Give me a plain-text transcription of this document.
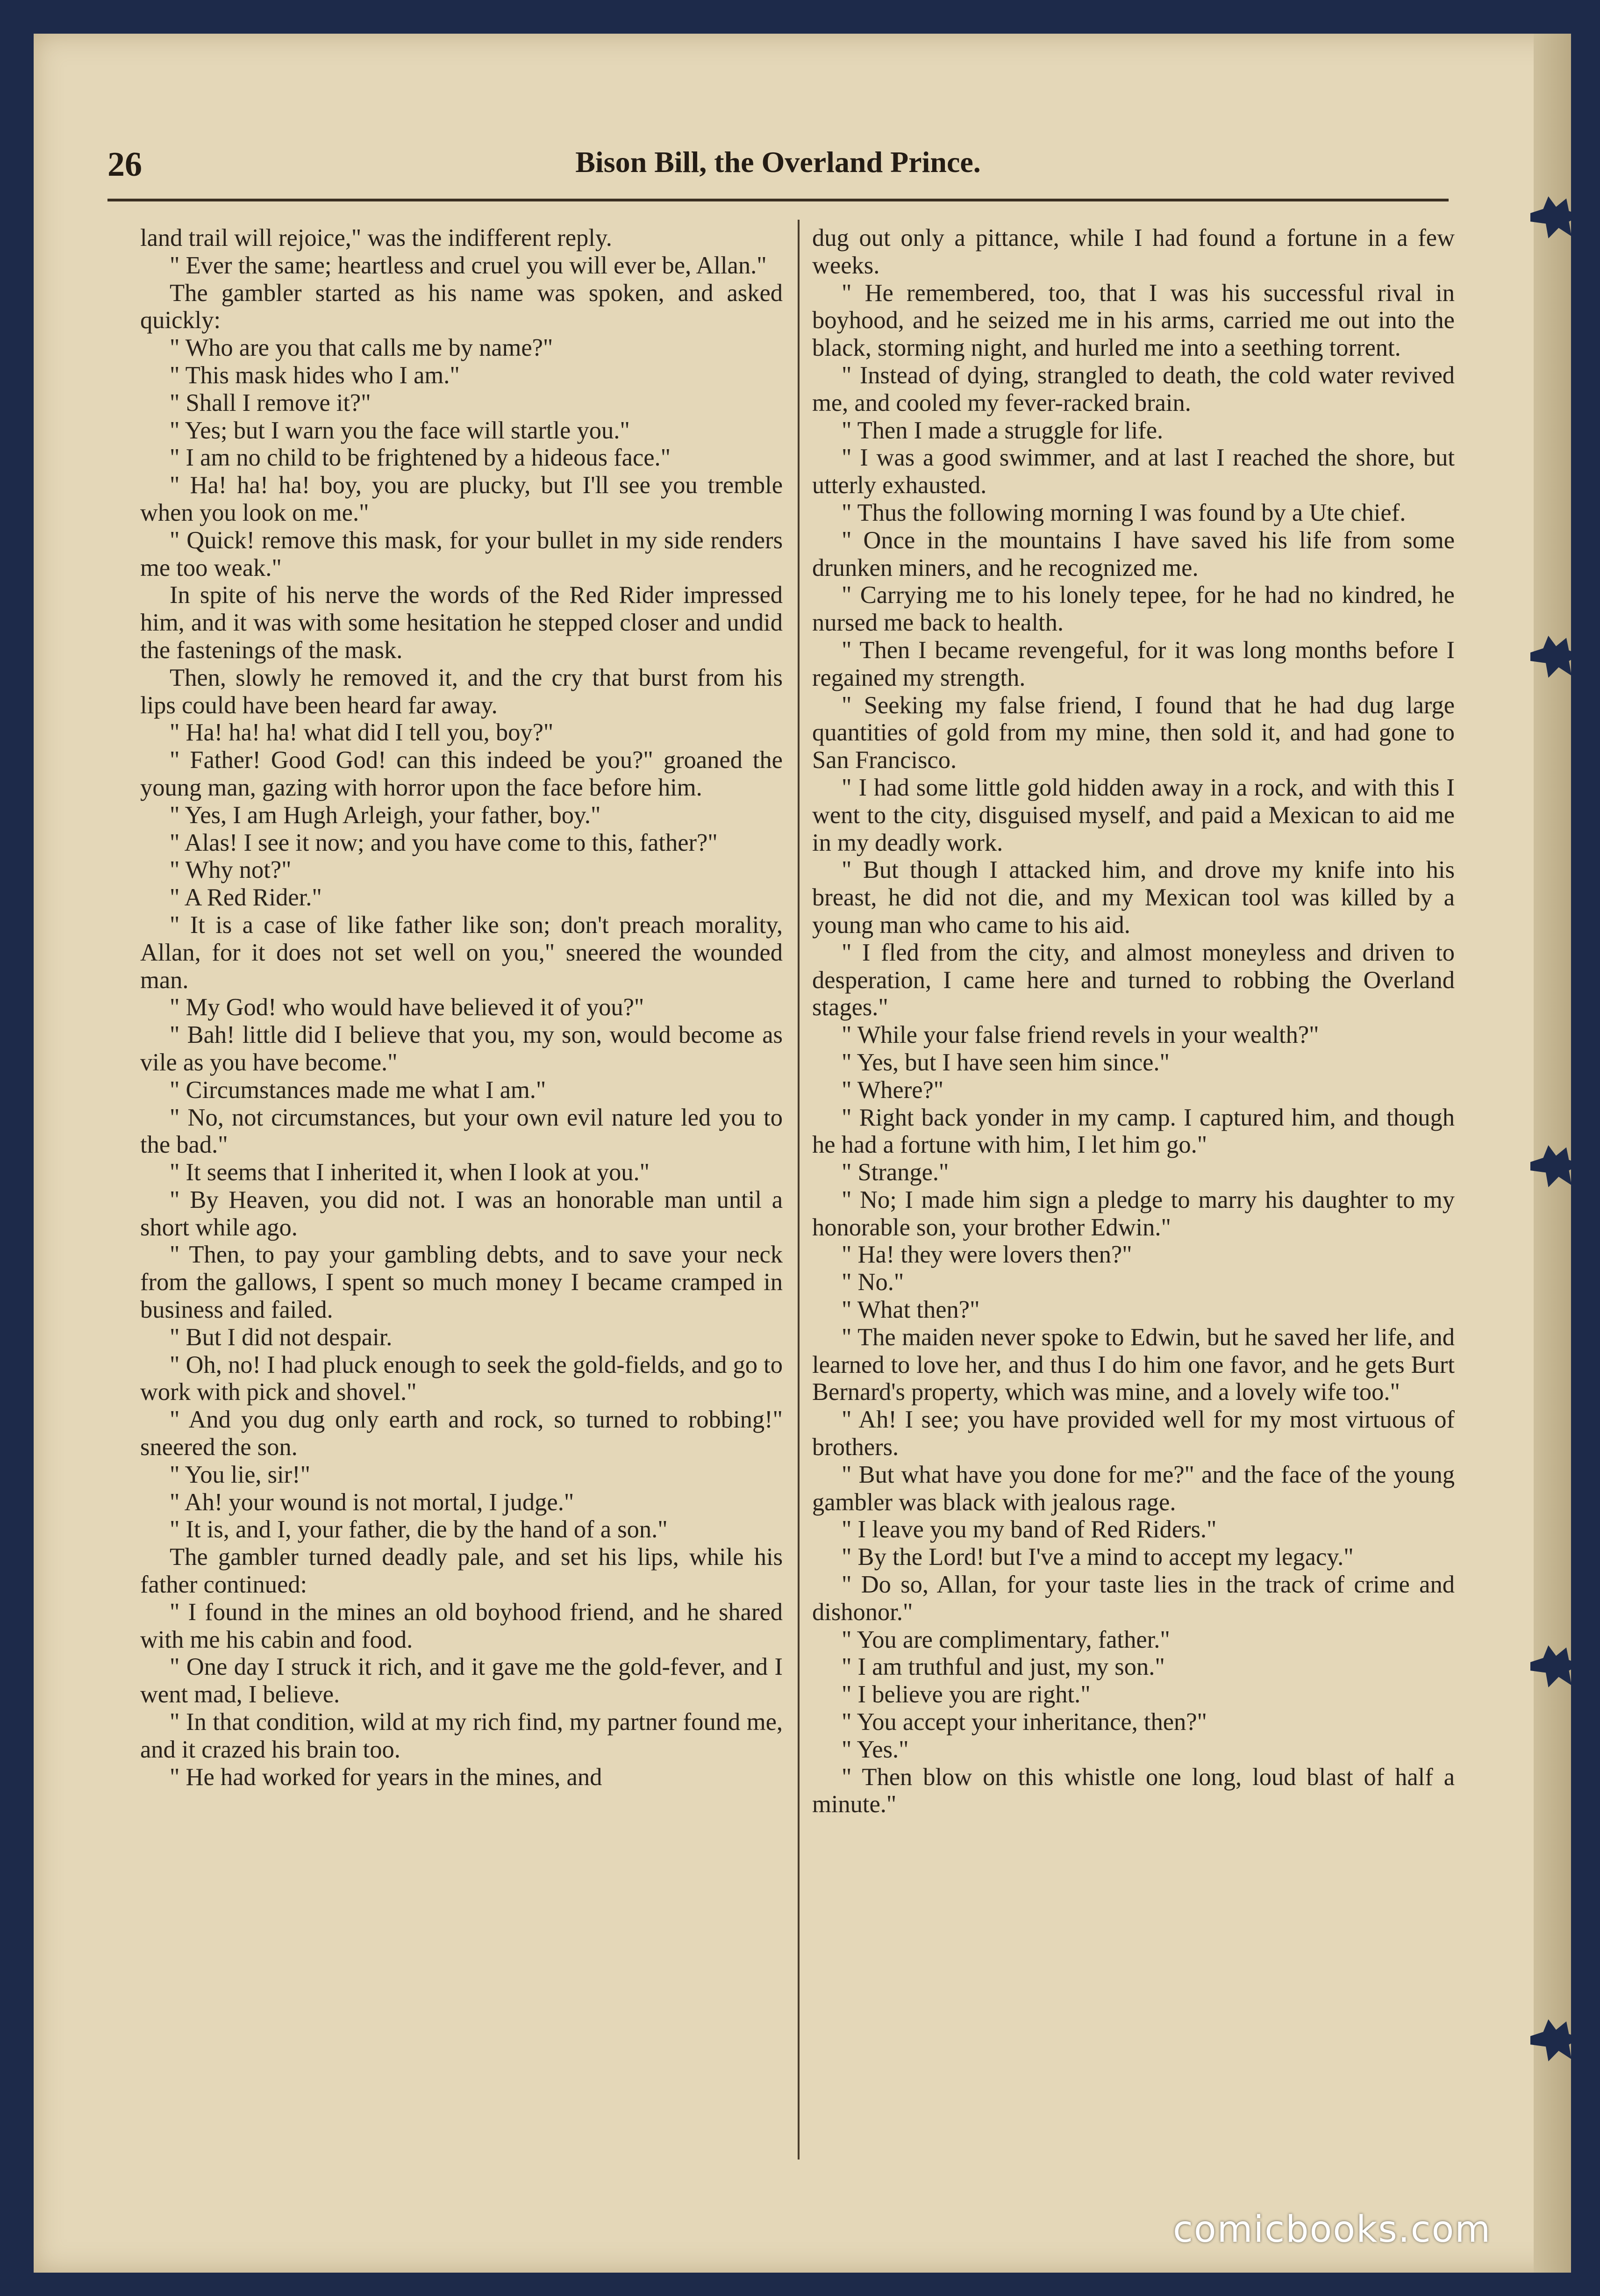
26	Bison Bill, the Overland Prince.

land trail will rejoice," was the indifferent reply.

" Ever the same; heartless and cruel you will ever be, Allan."

The gambler started as his name was spoken, and asked quickly:

" Who are you that calls me by name?"

" This mask hides who I am."

" Shall I remove it?"

" Yes; but I warn you the face will startle you."

" I am no child to be frightened by a hideous face."

" Ha! ha! ha! boy, you are plucky, but I'll see you tremble when you look on me."

" Quick! remove this mask, for your bullet in my side renders me too weak."

In spite of his nerve the words of the Red Rider impressed him, and it was with some hesitation he stepped closer and undid the fastenings of the mask.

Then, slowly he removed it, and the cry that burst from his lips could have been heard far away.

" Ha! ha! ha! what did I tell you, boy?"

" Father! Good God! can this indeed be you?" groaned the young man, gazing with horror upon the face before him.

" Yes, I am Hugh Arleigh, your father, boy."

" Alas! I see it now; and you have come to this, father?"

" Why not?"

" A Red Rider."

" It is a case of like father like son; don't preach morality, Allan, for it does not set well on you," sneered the wounded man.

" My God! who would have believed it of you?"

" Bah! little did I believe that you, my son, would become as vile as you have become."

" Circumstances made me what I am."

" No, not circumstances, but your own evil nature led you to the bad."

" It seems that I inherited it, when I look at you."

" By Heaven, you did not. I was an honorable man until a short while ago.

" Then, to pay your gambling debts, and to save your neck from the gallows, I spent so much money I became cramped in business and failed.

" But I did not despair.

" Oh, no! I had pluck enough to seek the gold-fields, and go to work with pick and shovel."

" And you dug only earth and rock, so turned to robbing!" sneered the son.

" You lie, sir!"

" Ah! your wound is not mortal, I judge."

" It is, and I, your father, die by the hand of a son."

The gambler turned deadly pale, and set his lips, while his father continued:

" I found in the mines an old boyhood friend, and he shared with me his cabin and food.

" One day I struck it rich, and it gave me the gold-fever, and I went mad, I believe.

" In that condition, wild at my rich find, my partner found me, and it crazed his brain too.

" He had worked for years in the mines, and

dug out only a pittance, while I had found a fortune in a few weeks.

" He remembered, too, that I was his successful rival in boyhood, and he seized me in his arms, carried me out into the black, storming night, and hurled me into a seething torrent.

" Instead of dying, strangled to death, the cold water revived me, and cooled my fever-racked brain.

" Then I made a struggle for life.

" I was a good swimmer, and at last I reached the shore, but utterly exhausted.

" Thus the following morning I was found by a Ute chief.

" Once in the mountains I have saved his life from some drunken miners, and he recognized me.

" Carrying me to his lonely tepee, for he had no kindred, he nursed me back to health.

" Then I became revengeful, for it was long months before I regained my strength.

" Seeking my false friend, I found that he had dug large quantities of gold from my mine, then sold it, and had gone to San Francisco.

" I had some little gold hidden away in a rock, and with this I went to the city, disguised myself, and paid a Mexican to aid me in my deadly work.

" But though I attacked him, and drove my knife into his breast, he did not die, and my Mexican tool was killed by a young man who came to his aid.

" I fled from the city, and almost moneyless and driven to desperation, I came here and turned to robbing the Overland stages."

" While your false friend revels in your wealth?"

" Yes, but I have seen him since."

" Where?"

" Right back yonder in my camp. I captured him, and though he had a fortune with him, I let him go."

" Strange."

" No; I made him sign a pledge to marry his daughter to my honorable son, your brother Edwin."

" Ha! they were lovers then?"

" No."

" What then?"

" The maiden never spoke to Edwin, but he saved her life, and learned to love her, and thus I do him one favor, and he gets Burt Bernard's property, which was mine, and a lovely wife too."

" Ah! I see; you have provided well for my most virtuous of brothers.

" But what have you done for me?" and the face of the young gambler was black with jealous rage.

" I leave you my band of Red Riders."

" By the Lord! but I've a mind to accept my legacy."

" Do so, Allan, for your taste lies in the track of crime and dishonor."

" You are complimentary, father."

" I am truthful and just, my son."

" I believe you are right."

" You accept your inheritance, then?"

" Yes."

" Then blow on this whistle one long, loud blast of half a minute."

comicbooks.com
